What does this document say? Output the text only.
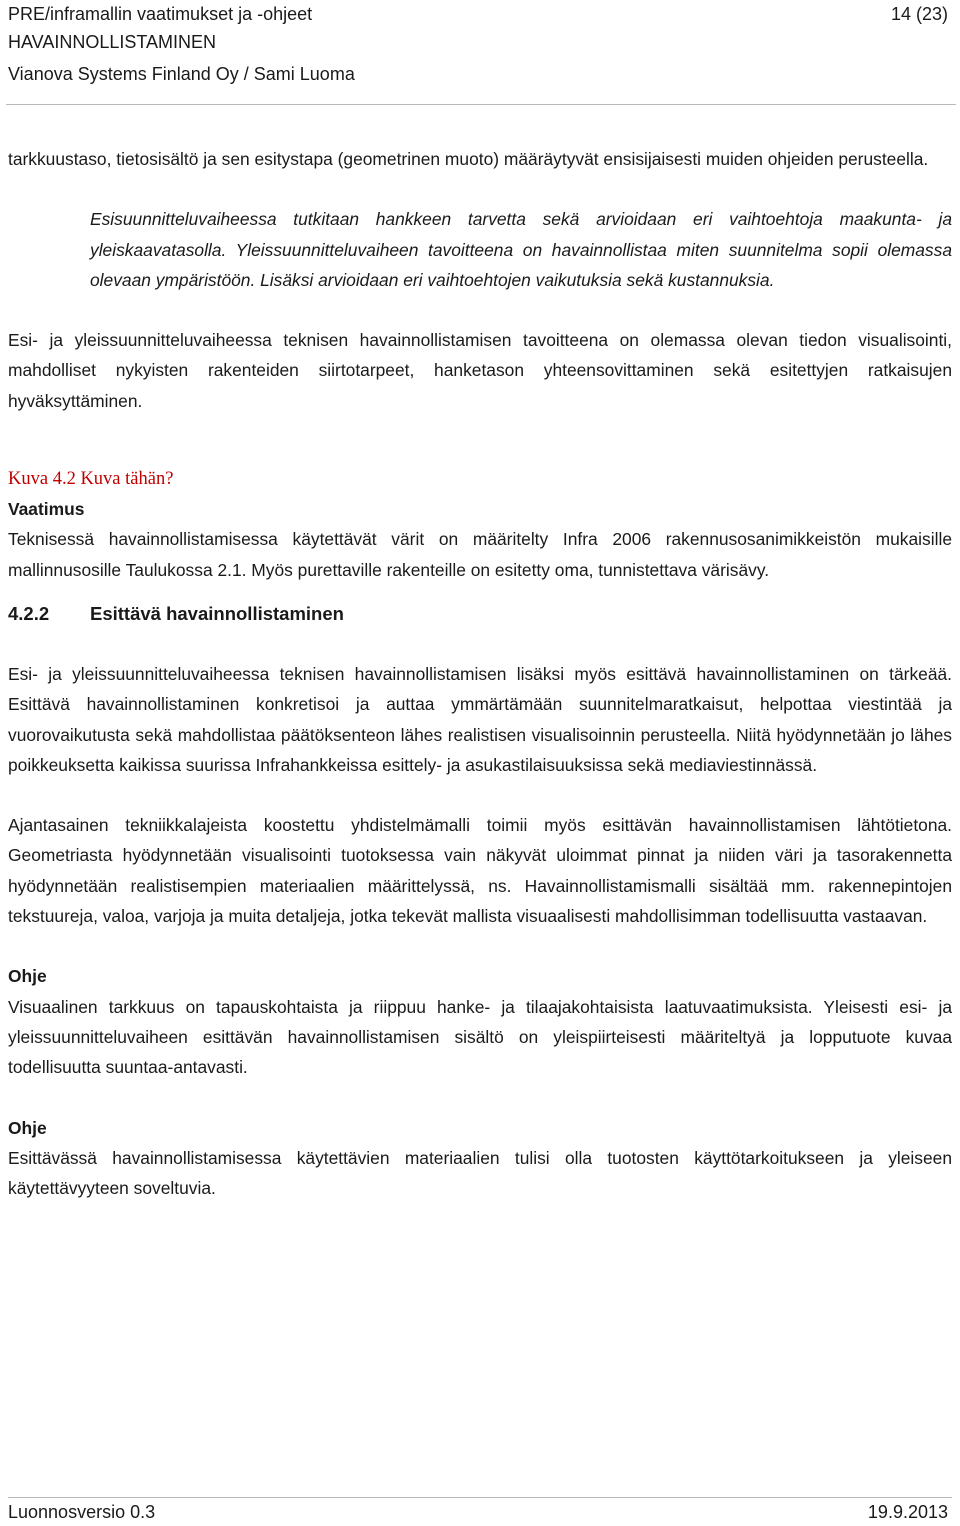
PRE/inframallin vaatimukset ja -ohjeet	14 (23)
HAVAINNOLLISTAMINEN
Vianova Systems Finland Oy / Sami Luoma

tarkkuustaso, tietosisältö ja sen esitystapa (geometrinen muoto) määräytyvät ensisijaisesti muiden ohjeiden perusteella.

Esisuunnitteluvaiheessa tutkitaan hankkeen tarvetta sekä arvioidaan eri vaihtoehtoja maakunta- ja yleiskaavatasolla. Yleissuunnitteluvaiheen tavoitteena on havainnollistaa miten suunnitelma sopii olemassa olevaan ympäristöön. Lisäksi arvioidaan eri vaihtoehtojen vaikutuksia sekä kustannuksia.

Esi- ja yleissuunnitteluvaiheessa teknisen havainnollistamisen tavoitteena on olemassa olevan tiedon visualisointi, mahdolliset nykyisten rakenteiden siirtotarpeet, hanketason yhteensovittaminen sekä esitettyjen ratkaisujen hyväksyttäminen.

Kuva 4.2 Kuva tähän?

Vaatimus

Teknisessä havainnollistamisessa käytettävät värit on määritelty Infra 2006 rakennusosanimikkeistön mukaisille mallinnusosille Taulukossa 2.1. Myös purettaville rakenteille on esitetty oma, tunnistettava värisävy.

4.2.2 Esittävä havainnollistaminen

Esi- ja yleissuunnitteluvaiheessa teknisen havainnollistamisen lisäksi myös esittävä havainnollistaminen on tärkeää. Esittävä havainnollistaminen konkretisoi ja auttaa ymmärtämään suunnitelmaratkaisut, helpottaa viestintää ja vuorovaikutusta sekä mahdollistaa päätöksenteon lähes realistisen visualisoinnin perusteella. Niitä hyödynnetään jo lähes poikkeuksetta kaikissa suurissa Infrahankkeissa esittely- ja asukastilaisuuksissa sekä mediaviestinnässä.

Ajantasainen tekniikkalajeista koostettu yhdistelmämalli toimii myös esittävän havainnollistamisen lähtötietona. Geometriasta hyödynnetään visualisointi tuotoksessa vain näkyvät uloimmat pinnat ja niiden väri ja tasorakennetta hyödynnetään realistisempien materiaalien määrittelyssä, ns. Havainnollistamismalli sisältää mm. rakennepintojen tekstuureja, valoa, varjoja ja muita detaljeja, jotka tekevät mallista visuaalisesti mahdollisimman todellisuutta vastaavan.

Ohje

Visuaalinen tarkkuus on tapauskohtaista ja riippuu hanke- ja tilaajakohtaisista laatuvaatimuksista. Yleisesti esi- ja yleissuunnitteluvaiheen esittävän havainnollistamisen sisältö on yleispiirteisesti määriteltyä ja lopputuote kuvaa todellisuutta suuntaa-antavasti.

Ohje

Esittävässä havainnollistamisessa käytettävien materiaalien tulisi olla tuotosten käyttötarkoitukseen ja yleiseen käytettävyyteen soveltuvia.

Luonnosversio 0.3	19.9.2013
